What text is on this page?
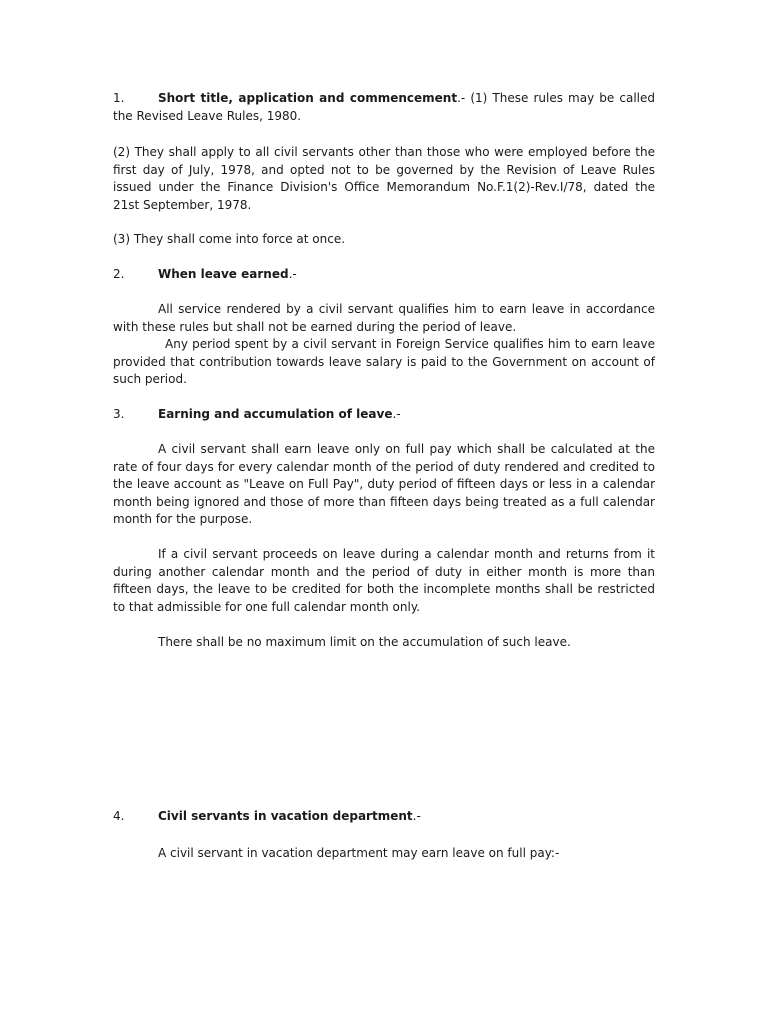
1.	Short title, application and commencement.- (1) These rules may be called the Revised Leave Rules, 1980.

(2) They shall apply to all civil servants other than those who were employed before the first day of July, 1978, and opted not to be governed by the Revision of Leave Rules issued under the Finance Division's Office Memorandum No.F.1(2)-Rev.I/78, dated the 21st September, 1978.

(3) They shall come into force at once.

2.	When leave earned.-

All service rendered by a civil servant qualifies him to earn leave in accordance with these rules but shall not be earned during the period of leave.

Any period spent by a civil servant in Foreign Service qualifies him to earn leave provided that contribution towards leave salary is paid to the Government on account of such period.

3.	Earning and accumulation of leave.-

A civil servant shall earn leave only on full pay which shall be calculated at the rate of four days for every calendar month of the period of duty rendered and credited to the leave account as "Leave on Full Pay", duty period of fifteen days or less in a calendar month being ignored and those of more than fifteen days being treated as a full calendar month for the purpose.

If a civil servant proceeds on leave during a calendar month and returns from it during another calendar month and the period of duty in either month is more than fifteen days, the leave to be credited for both the incomplete months shall be restricted to that admissible for one full calendar month only.

There shall be no maximum limit on the accumulation of such leave.

4.	Civil servants in vacation department.-

A civil servant in vacation department may earn leave on full pay:-
